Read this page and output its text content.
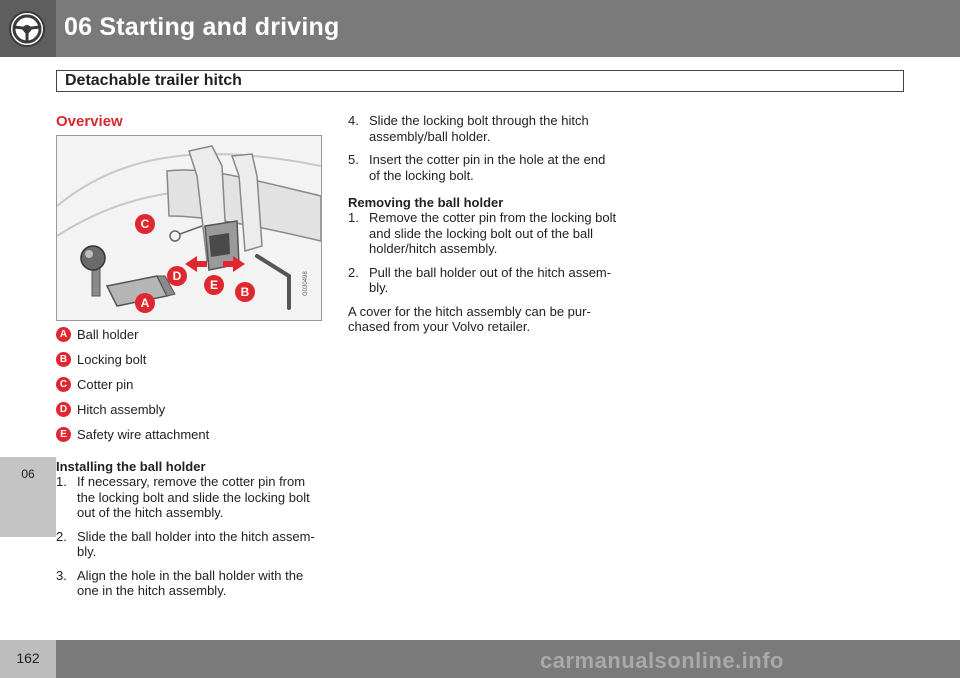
06 Starting and driving
Detachable trailer hitch
06
Overview
C
D
E B
A
G030498
A Ball holder
B Locking bolt
C Cotter pin
D Hitch assembly
E Safety wire attachment
Installing the ball holder
1. If necessary, remove the cotter pin from the locking bolt and slide the locking bolt out of the hitch assembly.
2. Slide the ball holder into the hitch assem-bly.
3. Align the hole in the ball holder with the one in the hitch assembly.
4. Slide the locking bolt through the hitch assembly/ball holder.
5. Insert the cotter pin in the hole at the end of the locking bolt.
Removing the ball holder
1. Remove the cotter pin from the locking bolt and slide the locking bolt out of the ball holder/hitch assembly.
2. Pull the ball holder out of the hitch assem-bly.

A cover for the hitch assembly can be pur-chased from your Volvo retailer.

162	carmanualsonline.info
